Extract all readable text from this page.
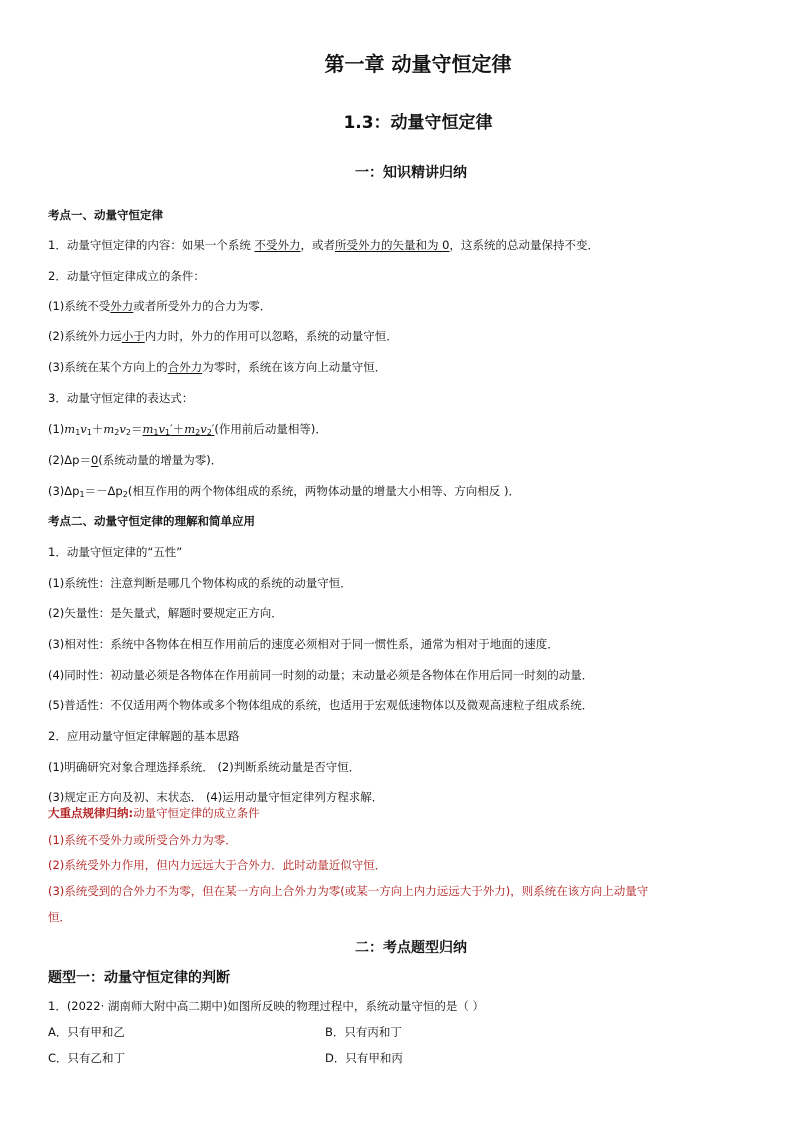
第一章 动量守恒定律
1.3：动量守恒定律
一：知识精讲归纳
考点一、动量守恒定律
1．动量守恒定律的内容：如果一个系统 不受外力，或者所受外力的矢量和为 0，这系统的总动量保持不变．
2．动量守恒定律成立的条件：
(1)系统不受外力或者所受外力的合力为零．
(2)系统外力远小于内力时，外力的作用可以忽略，系统的动量守恒．
(3)系统在某个方向上的合外力为零时，系统在该方向上动量守恒．
3．动量守恒定律的表达式：
$(1)m_1v_1+m_2v_2=m_1v_1'+m_2v_2'$(作用前后动量相等)．
(2)Δp＝0(系统动量的增量为零)．
$(3)\Delta p_1=-\Delta p_2$(相互作用的两个物体组成的系统，两物体动量的增量大小相等、方向相反 )．
考点二、动量守恒定律的理解和简单应用
1．动量守恒定律的“五性”
(1)系统性：注意判断是哪几个物体构成的系统的动量守恒．
(2)矢量性：是矢量式，解题时要规定正方向．
(3)相对性：系统中各物体在相互作用前后的速度必须相对于同一惯性系，通常为相对于地面的速度．
(4)同时性：初动量必须是各物体在作用前同一时刻的动量；末动量必须是各物体在作用后同一时刻的动量．
(5)普适性：不仅适用两个物体或多个物体组成的系统，也适用于宏观低速物体以及微观高速粒子组成系统．
2．应用动量守恒定律解题的基本思路
(1)明确研究对象合理选择系统． (2)判断系统动量是否守恒．
(3)规定正方向及初、末状态． (4)运用动量守恒定律列方程求解．
大重点规律归纳:动量守恒定律的成立条件
(1)系统不受外力或所受合外力为零．
(2)系统受外力作用，但内力远远大于合外力．此时动量近似守恒．
(3)系统受到的合外力不为零，但在某一方向上合外力为零(或某一方向上内力远远大于外力)，则系统在该方向上动量守
恒．
二：考点题型归纳
题型一：动量守恒定律的判断
1．(2022· 湖南师大附中高二期中)如图所反映的物理过程中，系统动量守恒的是（ ）
A．只有甲和乙	B．只有丙和丁
C．只有乙和丁	D．只有甲和丙
